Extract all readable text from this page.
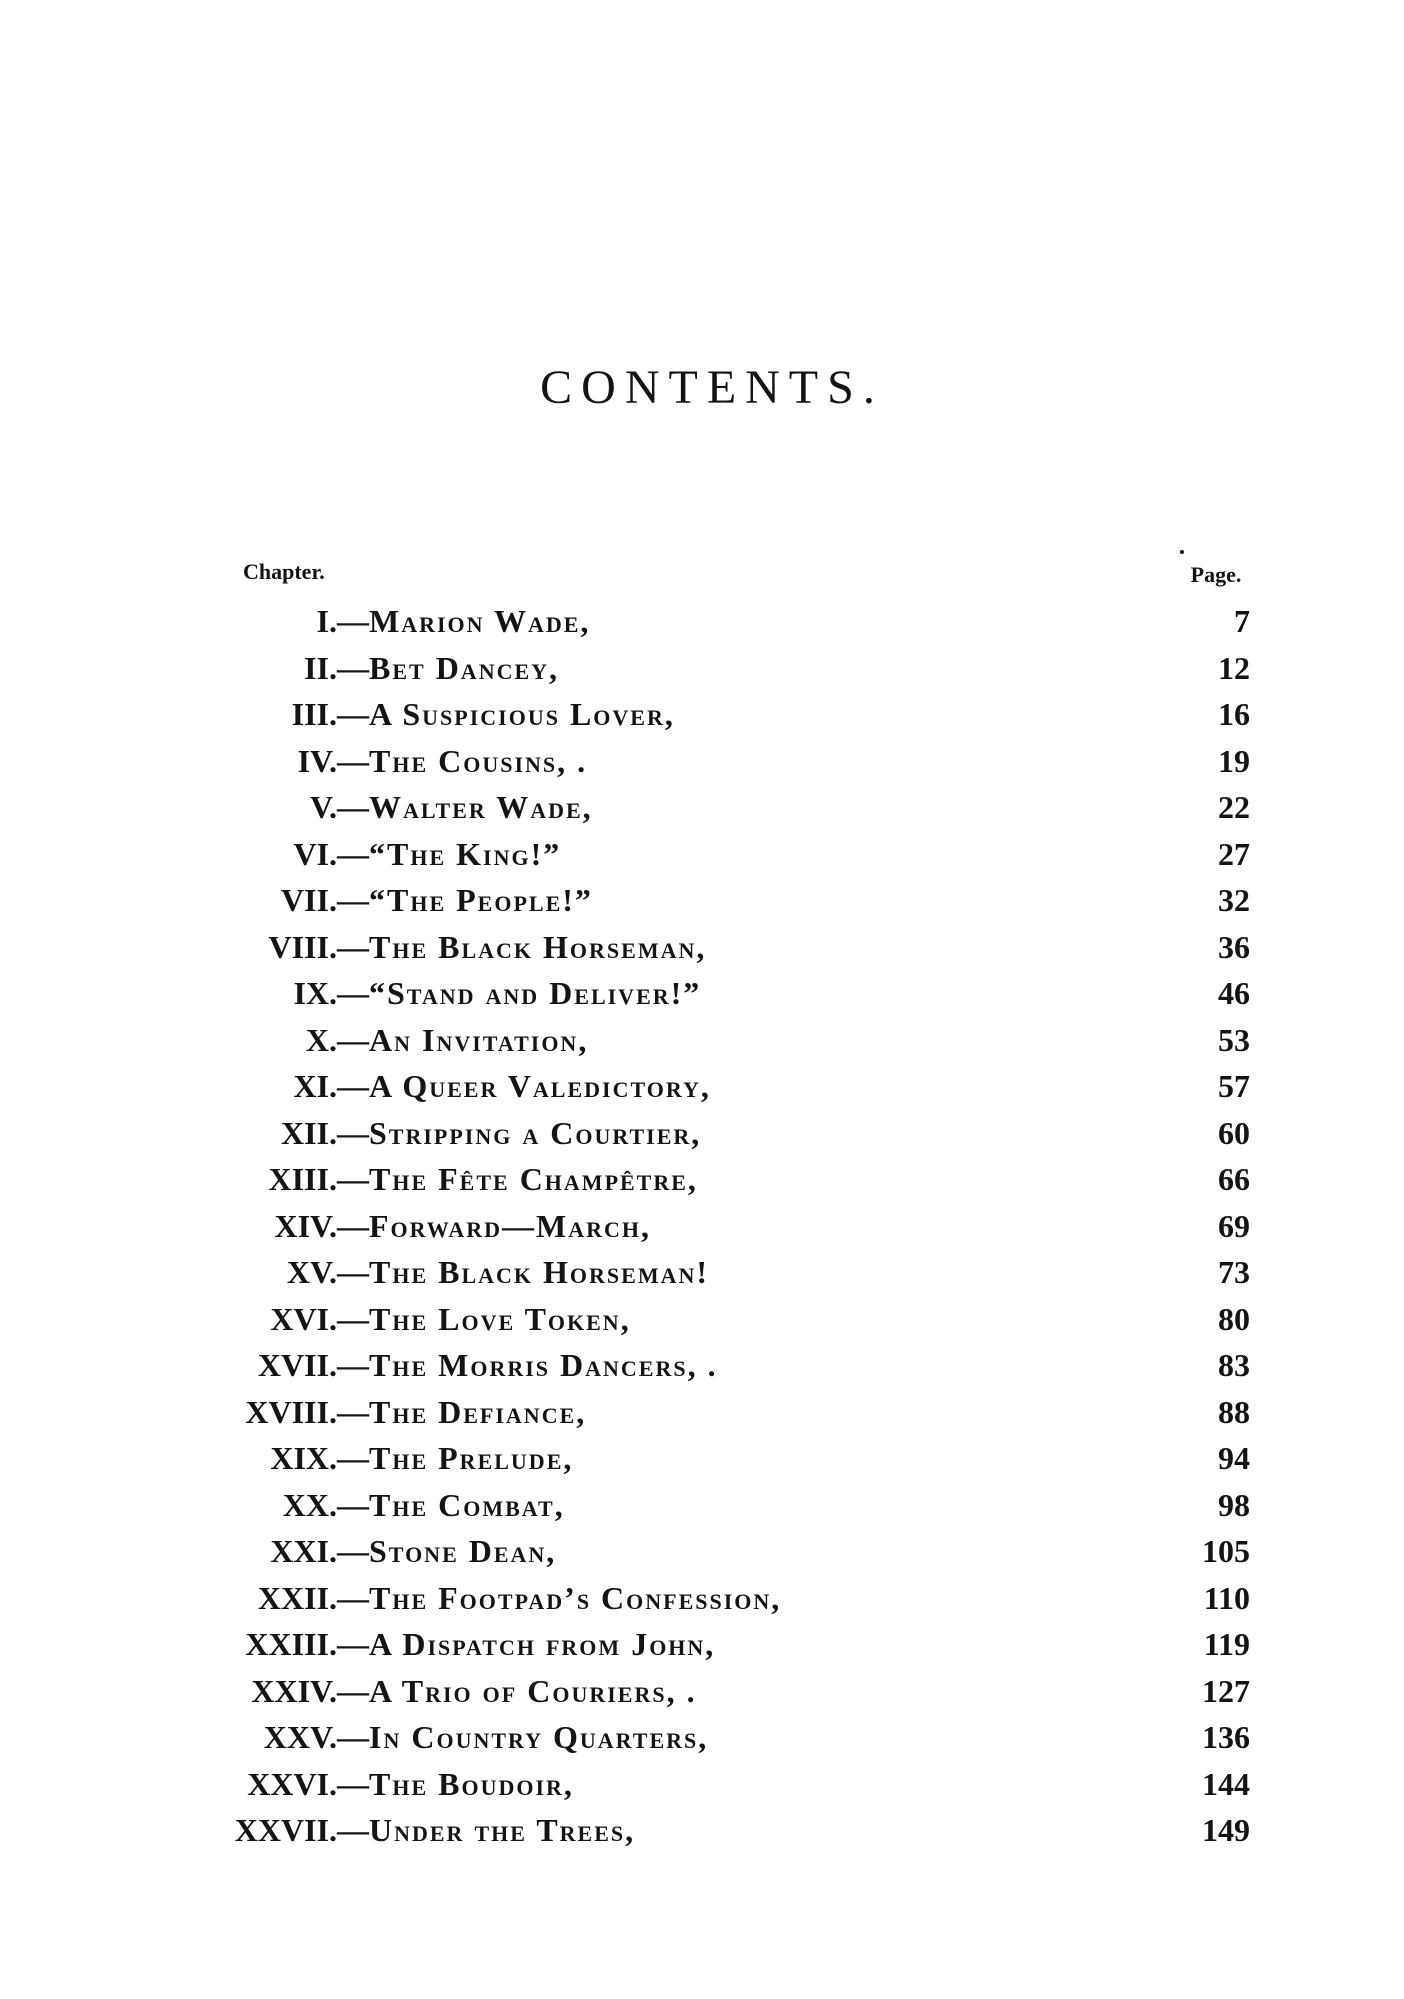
CONTENTS.
Chapter.	Page.
I. —Marion Wade,	7
II. —Bet Dancey,	12
III. —A Suspicious Lover,	16
IV. —The Cousins, .	19
V. —Walter Wade,	22
VI. —“The King!”	27
VII. —“The People!”	32
VIII. —The Black Horseman,	36
IX. —“Stand and Deliver!”	46
X. —An Invitation,	53
XI. —A Queer Valedictory,	57
XII. —Stripping a Courtier,	60
XIII. —The Fête Champêtre,	66
XIV. —Forward—March,	69
XV. —The Black Horseman!	73
XVI. —The Love Token,	80
XVII. —The Morris Dancers, .	83
XVIII. —The Defiance,	88
XIX. —The Prelude,	94
XX. —The Combat,	98
XXI. —Stone Dean,	105
XXII. —The Footpad’s Confession,	110
XXIII. —A Dispatch from John,	119
XXIV. —A Trio of Couriers, .	127
XXV. —In Country Quarters,	136
XXVI. —The Boudoir,	144
XXVII. —Under the Trees,	149
